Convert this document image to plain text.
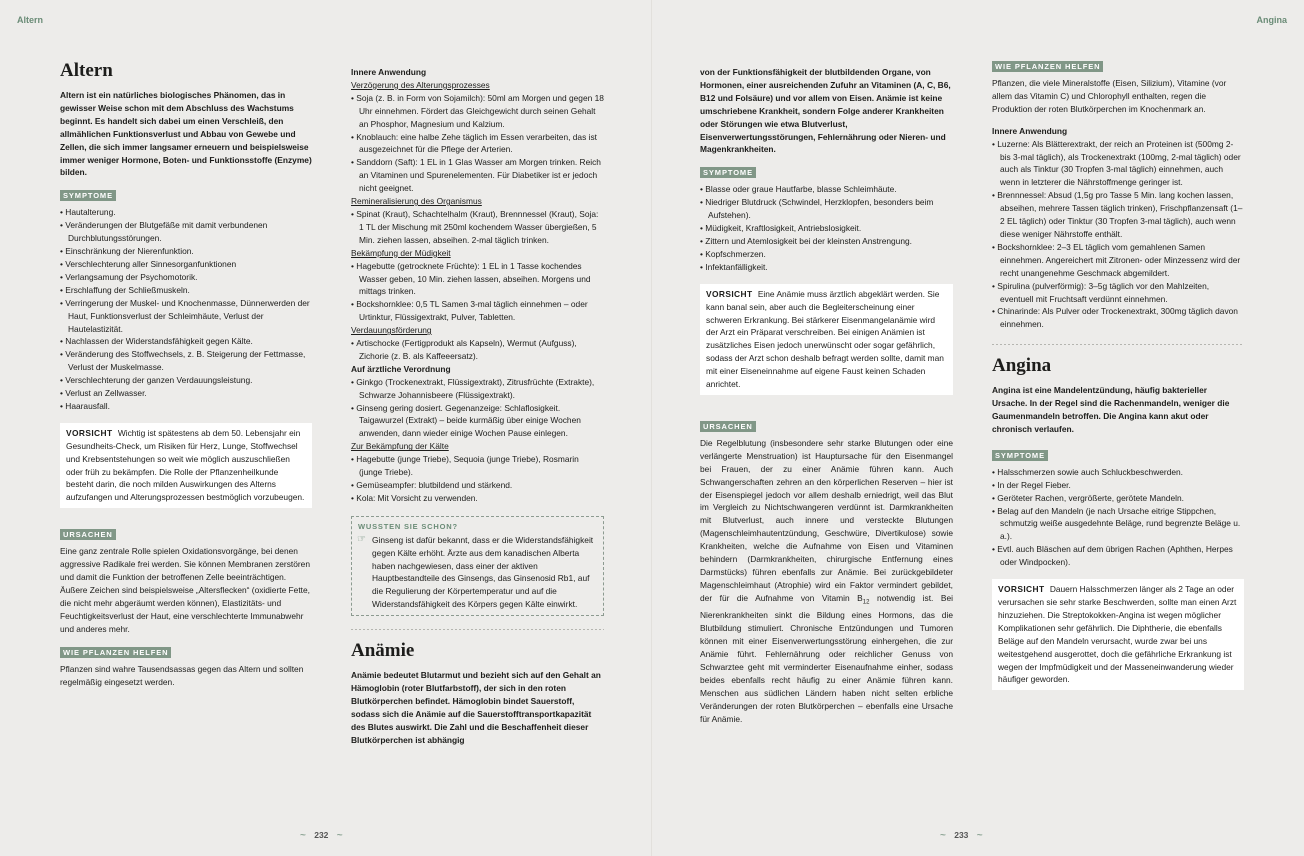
Altern	Angina
Altern

Altern ist ein natürliches biologisches Phänomen, das in gewisser Weise schon mit dem Abschluss des Wachstums beginnt. Es handelt sich dabei um einen Verschleiß, den allmählichen Funktionsverlust und Abbau von Gewebe und Zellen, die sich immer langsamer erneuern und beispielsweise immer weniger Hormone, Boten- und Funktionsstoffe (Enzyme) bilden.

SYMPTOME
• Hautalterung.
• Veränderungen der Blutgefäße mit damit verbundenen Durchblutungsstörungen.
• Einschränkung der Nierenfunktion.
• Verschlechterung aller Sinnesorganfunktionen
• Verlangsamung der Psychomotorik.
• Erschlaffung der Schließmuskeln.
• Verringerung der Muskel- und Knochenmasse, Dünnerwerden der Haut, Funktionsverlust der Schleimhäute, Verlust der Hautelastizität.
• Nachlassen der Widerstandsfähigkeit gegen Kälte.
• Veränderung des Stoffwechsels, z. B. Steigerung der Fettmasse, Verlust der Muskelmasse.
• Verschlechterung der ganzen Verdauungsleistung.
• Verlust an Zellwasser.
• Haarausfall.
VORSICHT Wichtig ist spätestens ab dem 50. Lebensjahr ein Gesundheits-Check, um Risiken für Herz, Lunge, Stoffwechsel und Krebsentstehungen so weit wie möglich auszuschließen oder früh zu bekämpfen. Die Rolle der Pflanzenheilkunde besteht darin, die noch milden Auswirkungen des Alterns aufzufangen und Alterungsprozessen bestmöglich vorzubeugen.
URSACHEN

Eine ganz zentrale Rolle spielen Oxidationsvorgänge, bei denen aggressive Radikale frei werden. Sie können Membranen zerstören und damit die Funktion der betroffenen Zelle beeinträchtigen. Äußere Zeichen sind beispielsweise „Altersflecken“ (oxidierte Fette, die nicht mehr abgeräumt werden können), Elastizitäts- und Feuchtigkeitsverlust der Haut, eine verschlechterte Immunabwehr und anderes mehr.

WIE PFLANZEN HELFEN

Pflanzen sind wahre Tausendsassas gegen das Altern und sollten regelmäßig eingesetzt werden.

Innere Anwendung

Verzögerung des Alterungsprozesses

• Soja (z. B. in Form von Sojamilch): 50ml am Morgen und gegen 18 Uhr einnehmen. Fördert das Gleichgewicht durch seinen Gehalt an Phosphor, Magnesium und Kalzium.
• Knoblauch: eine halbe Zehe täglich im Essen verarbeiten, das ist ausgezeichnet für die Pflege der Arterien.
• Sanddorn (Saft): 1 EL in 1 Glas Wasser am Morgen trinken. Reich an Vitaminen und Spurenelementen. Für Diabetiker ist er jedoch nicht geeignet.

Remineralisierung des Organismus

• Spinat (Kraut), Schachtelhalm (Kraut), Brennnessel (Kraut), Soja: 1 TL der Mischung mit 250ml kochendem Wasser übergießen, 5 Min. ziehen lassen, abseihen. 2-mal täglich trinken.

Bekämpfung der Müdigkeit

• Hagebutte (getrocknete Früchte): 1 EL in 1 Tasse kochendes Wasser geben, 10 Min. ziehen lassen, abseihen. Morgens und mittags trinken.
• Bockshornklee: 0,5 TL Samen 3-mal täglich einnehmen – oder Urtinktur, Flüssigextrakt, Pulver, Tabletten.

Verdauungsförderung

• Artischocke (Fertigprodukt als Kapseln), Wermut (Aufguss), Zichorie (z. B. als Kaffeeersatz).

Auf ärztliche Verordnung

• Ginkgo (Trockenextrakt, Flüssigextrakt), Zitrusfrüchte (Extrakte), Schwarze Johannisbeere (Flüssigextrakt).
• Ginseng gering dosiert. Gegenanzeige: Schlaflosigkeit. Taigawurzel (Extrakt) – beide kurmäßig über einige Wochen anwenden, dann wieder einige Wochen Pause einlegen.

Zur Bekämpfung der Kälte

• Hagebutte (junge Triebe), Sequoia (junge Triebe), Rosmarin (junge Triebe).
• Gemüseampfer: blutbildend und stärkend.
• Kola: Mit Vorsicht zu verwenden.
WUSSTEN SIE SCHON?
☞ Ginseng ist dafür bekannt, dass er die Widerstandsfähigkeit gegen Kälte erhöht. Ärzte aus dem kanadischen Alberta haben nachgewiesen, dass einer der aktiven Hauptbestandteile des Ginsengs, das Ginsenosid Rb1, auf die Regulierung der Körpertemperatur und auf die Widerstandsfähigkeit des Körpers gegen Kälte einwirkt.

Anämie

Anämie bedeutet Blutarmut und bezieht sich auf den Gehalt an Hämoglobin (roter Blutfarbstoff), der sich in den roten Blutkörperchen befindet. Hämoglobin bindet Sauerstoff, sodass sich die Anämie auf die Sauerstofftransportkapazität des Blutes auswirkt. Die Zahl und die Beschaffenheit dieser Blutkörperchen ist abhängig

von der Funktionsfähigkeit der blutbildenden Organe, von Hormonen, einer ausreichenden Zufuhr an Vitaminen (A, C, B6, B12 und Folsäure) und vor allem von Eisen. Anämie ist keine umschriebene Krankheit, sondern Folge anderer Krankheiten oder Störungen wie etwa Blutverlust, Eisenverwertungsstörungen, Fehlernährung oder Nieren- und Magenkrankheiten.

SYMPTOME
• Blasse oder graue Hautfarbe, blasse Schleimhäute.
• Niedriger Blutdruck (Schwindel, Herzklopfen, besonders beim Aufstehen).
• Müdigkeit, Kraftlosigkeit, Antriebslosigkeit.
• Zittern und Atemlosigkeit bei der kleinsten Anstrengung.
• Kopfschmerzen.
• Infektanfälligkeit.
VORSICHT Eine Anämie muss ärztlich abgeklärt werden. Sie kann banal sein, aber auch die Begleiterscheinung einer schweren Erkrankung. Bei stärkerer Eisenmangelanämie wird der Arzt ein Präparat verschreiben. Bei einigen Anämien ist zusätzliches Eisen jedoch unerwünscht oder sogar gefährlich, sodass der Arzt schon deshalb befragt werden sollte, damit man mit einer Eiseneinnahme auf eigene Faust keinen Schaden anrichtet.
URSACHEN

Die Regelblutung (insbesondere sehr starke Blutungen oder eine verlängerte Menstruation) ist Hauptursache für den Eisenmangel bei Frauen, der zu einer Anämie führen kann. Auch Schwangerschaften zehren an den körperlichen Reserven – hier ist der Eisenspiegel jedoch vor allem deshalb erniedrigt, weil das Blut im Vergleich zu Nichtschwangeren verdünnt ist. Darmkrankheiten mit Blutverlust, auch innere und versteckte Blutungen (Magenschleimhautentzündung, Geschwüre, Divertikulose) sowie Krankheiten, welche die Aufnahme von Eisen und Vitaminen behindern (Darmkrankheiten, chirurgische Entfernung eines Darmstücks) führen ebenfalls zur Anämie. Bei zurückgebildeter Magenschleimhaut (Atrophie) wird ein Faktor vermindert gebildet, der für die Aufnahme von Vitamin $B_{12}$ notwendig ist. Bei Nierenkrankheiten sinkt die Bildung eines Hormons, das die Blutbildung stimuliert. Chronische Entzündungen und Tumoren können mit einer Eisenverwertungsstörung einhergehen, die zur Anämie führt. Fehlernährung oder reichlicher Genuss von Schwarztee geht mit verminderter Eisenaufnahme einher, sodass beides ebenfalls recht häufig zu einer Anämie führen kann. Menschen aus südlichen Ländern haben nicht selten erbliche Veränderungen der roten Blutkörperchen – ebenfalls eine Ursache für Anämie.

WIE PFLANZEN HELFEN

Pflanzen, die viele Mineralstoffe (Eisen, Silizium), Vitamine (vor allem das Vitamin C) und Chlorophyll enthalten, regen die Produktion der roten Blutkörperchen im Knochenmark an.

Innere Anwendung

• Luzerne: Als Blätterextrakt, der reich an Proteinen ist (500mg 2- bis 3-mal täglich), als Trockenextrakt (100mg, 2-mal täglich) oder auch als Tinktur (30 Tropfen 3-mal täglich) einnehmen, auch wenn in letzterer die Nährstoffmenge geringer ist.
• Brennnessel: Absud (1,5g pro Tasse 5 Min. lang kochen lassen, abseihen, mehrere Tassen täglich trinken), Frischpflanzensaft (1–2 EL täglich) oder Tinktur (30 Tropfen 3-mal täglich), auch wenn diese weniger Nährstoffe enthält.
• Bockshornklee: 2–3 EL täglich vom gemahlenen Samen einnehmen. Angereichert mit Zitronen- oder Minzessenz wird der recht unangenehme Geschmack abgemildert.
• Spirulina (pulverförmig): 3–5g täglich vor den Mahlzeiten, eventuell mit Fruchtsaft verdünnt einnehmen.
• Chinarinde: Als Pulver oder Trockenextrakt, 300mg täglich davon einnehmen.
Angina

Angina ist eine Mandelentzündung, häufig bakterieller Ursache. In der Regel sind die Rachenmandeln, weniger die Gaumenmandeln betroffen. Die Angina kann akut oder chronisch verlaufen.

SYMPTOME
• Halsschmerzen sowie auch Schluckbeschwerden.
• In der Regel Fieber.
• Geröteter Rachen, vergrößerte, gerötete Mandeln.
• Belag auf den Mandeln (je nach Ursache eitrige Stippchen, schmutzig weiße ausgedehnte Beläge, rund begrenzte Beläge u. a.).
• Evtl. auch Bläschen auf dem übrigen Rachen (Aphthen, Herpes oder Windpocken).
VORSICHT Dauern Halsschmerzen länger als 2 Tage an oder verursachen sie sehr starke Beschwerden, sollte man einen Arzt hinzuziehen. Die Streptokokken-Angina ist wegen möglicher Komplikationen sehr gefährlich. Die Diphtherie, die ebenfalls Beläge auf den Mandeln verursacht, wurde zwar bei uns weitestgehend ausgerottet, doch die gefährliche Erkrankung ist wegen der Impfmüdigkeit und der Masseneinwanderung wieder häufiger geworden.
~ 232 ~	~ 233 ~
